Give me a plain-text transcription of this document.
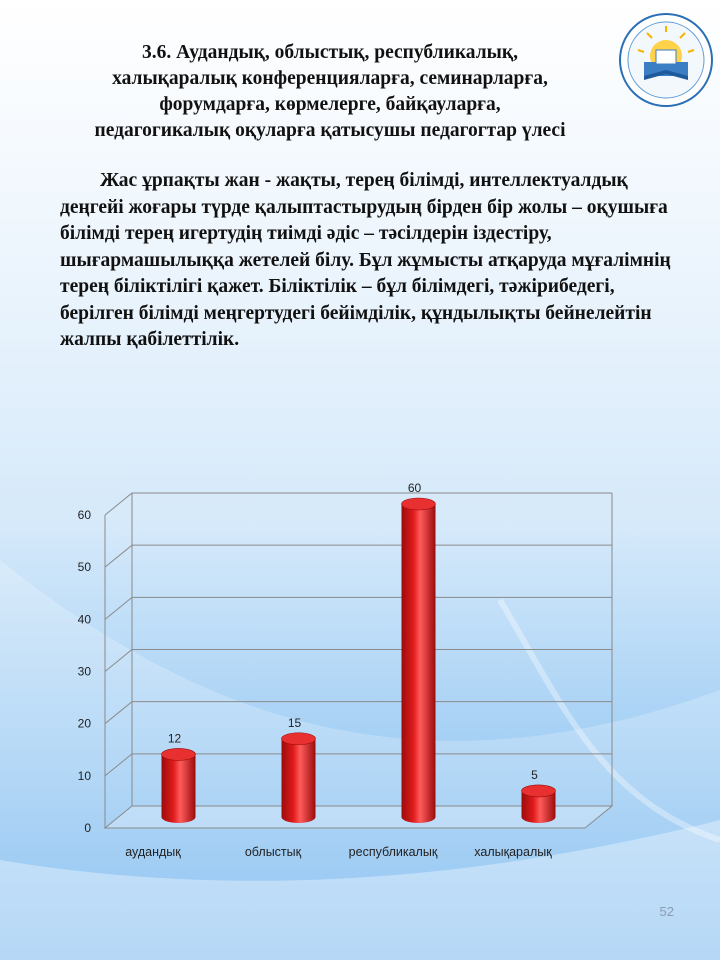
3.6. Аудандық, облыстық, республикалық,
халықаралық конференцияларға, семинарларға,
форумдарға, көрмелерге, байқауларға,
педагогикалық оқуларға қатысушы педагогтар үлесі

Жас ұрпақты жан - жақты, терең білімді, интеллектуалдық деңгейі жоғары түрде қалыптастырудың бірден бір жолы – оқушыға білімді терең игертудің тиімді әдіс – тәсілдерін іздестіру, шығармашылыққа жетелей білу. Бұл жұмысты атқаруда мұғалімнің терең біліктілігі қажет. Біліктілік – бұл білімдегі, тәжірибедегі, берілген білімді меңгертудегі бейімділік, құндылықты бейнелейтін жалпы қабілеттілік.

0
10
20
30
40
50
60
аудандық	облыстық	республикалық	халықаралық
12
15
60
5
52
